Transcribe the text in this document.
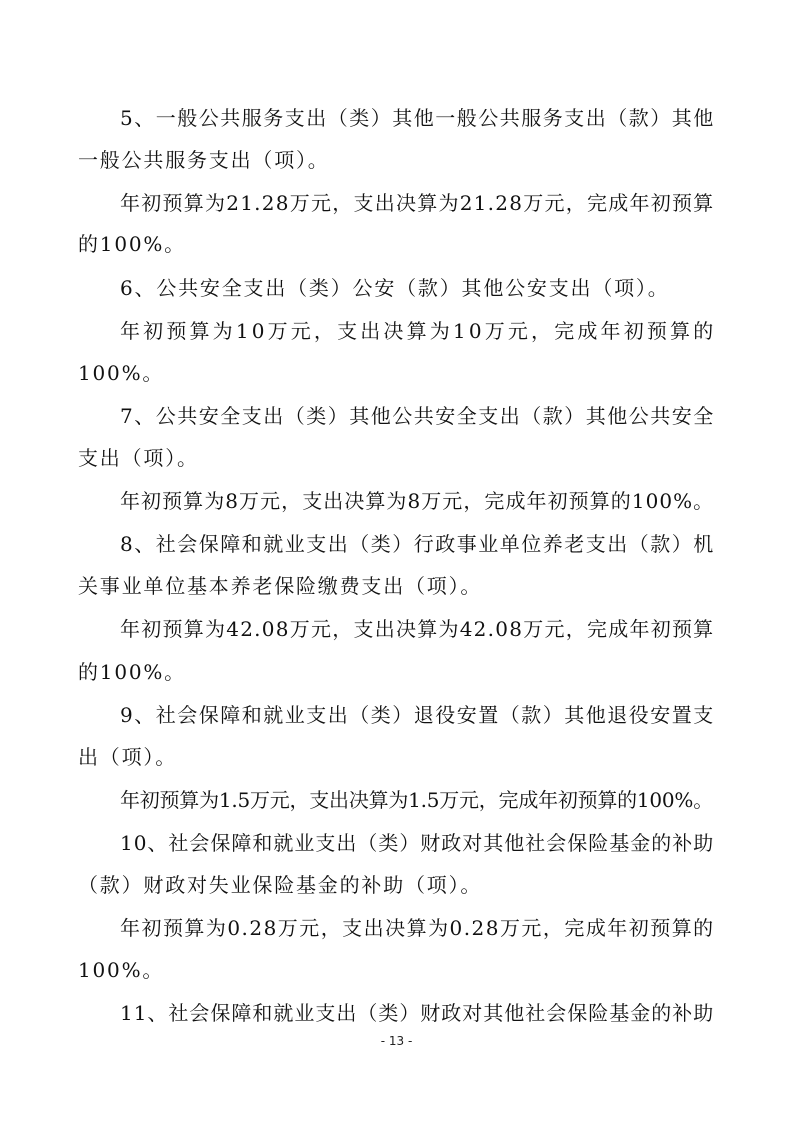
5、一般公共服务支出（类）其他一般公共服务支出（款）其他
一般公共服务支出（项）。
年初预算为21.28万元，支出决算为21.28万元，完成年初预算
的100%。
6、公共安全支出（类）公安（款）其他公安支出（项）。
年初预算为10万元，支出决算为10万元，完成年初预算的
100%。
7、公共安全支出（类）其他公共安全支出（款）其他公共安全
支出（项）。
年初预算为8万元，支出决算为8万元，完成年初预算的100%。
8、社会保障和就业支出（类）行政事业单位养老支出（款）机
关事业单位基本养老保险缴费支出（项）。
年初预算为42.08万元，支出决算为42.08万元，完成年初预算
的100%。
9、社会保障和就业支出（类）退役安置（款）其他退役安置支
出（项）。
年初预算为1.5万元，支出决算为1.5万元，完成年初预算的100%。
10、社会保障和就业支出（类）财政对其他社会保险基金的补助
（款）财政对失业保险基金的补助（项）。
年初预算为0.28万元，支出决算为0.28万元，完成年初预算的
100%。
11、社会保障和就业支出（类）财政对其他社会保险基金的补助
- 13 -
